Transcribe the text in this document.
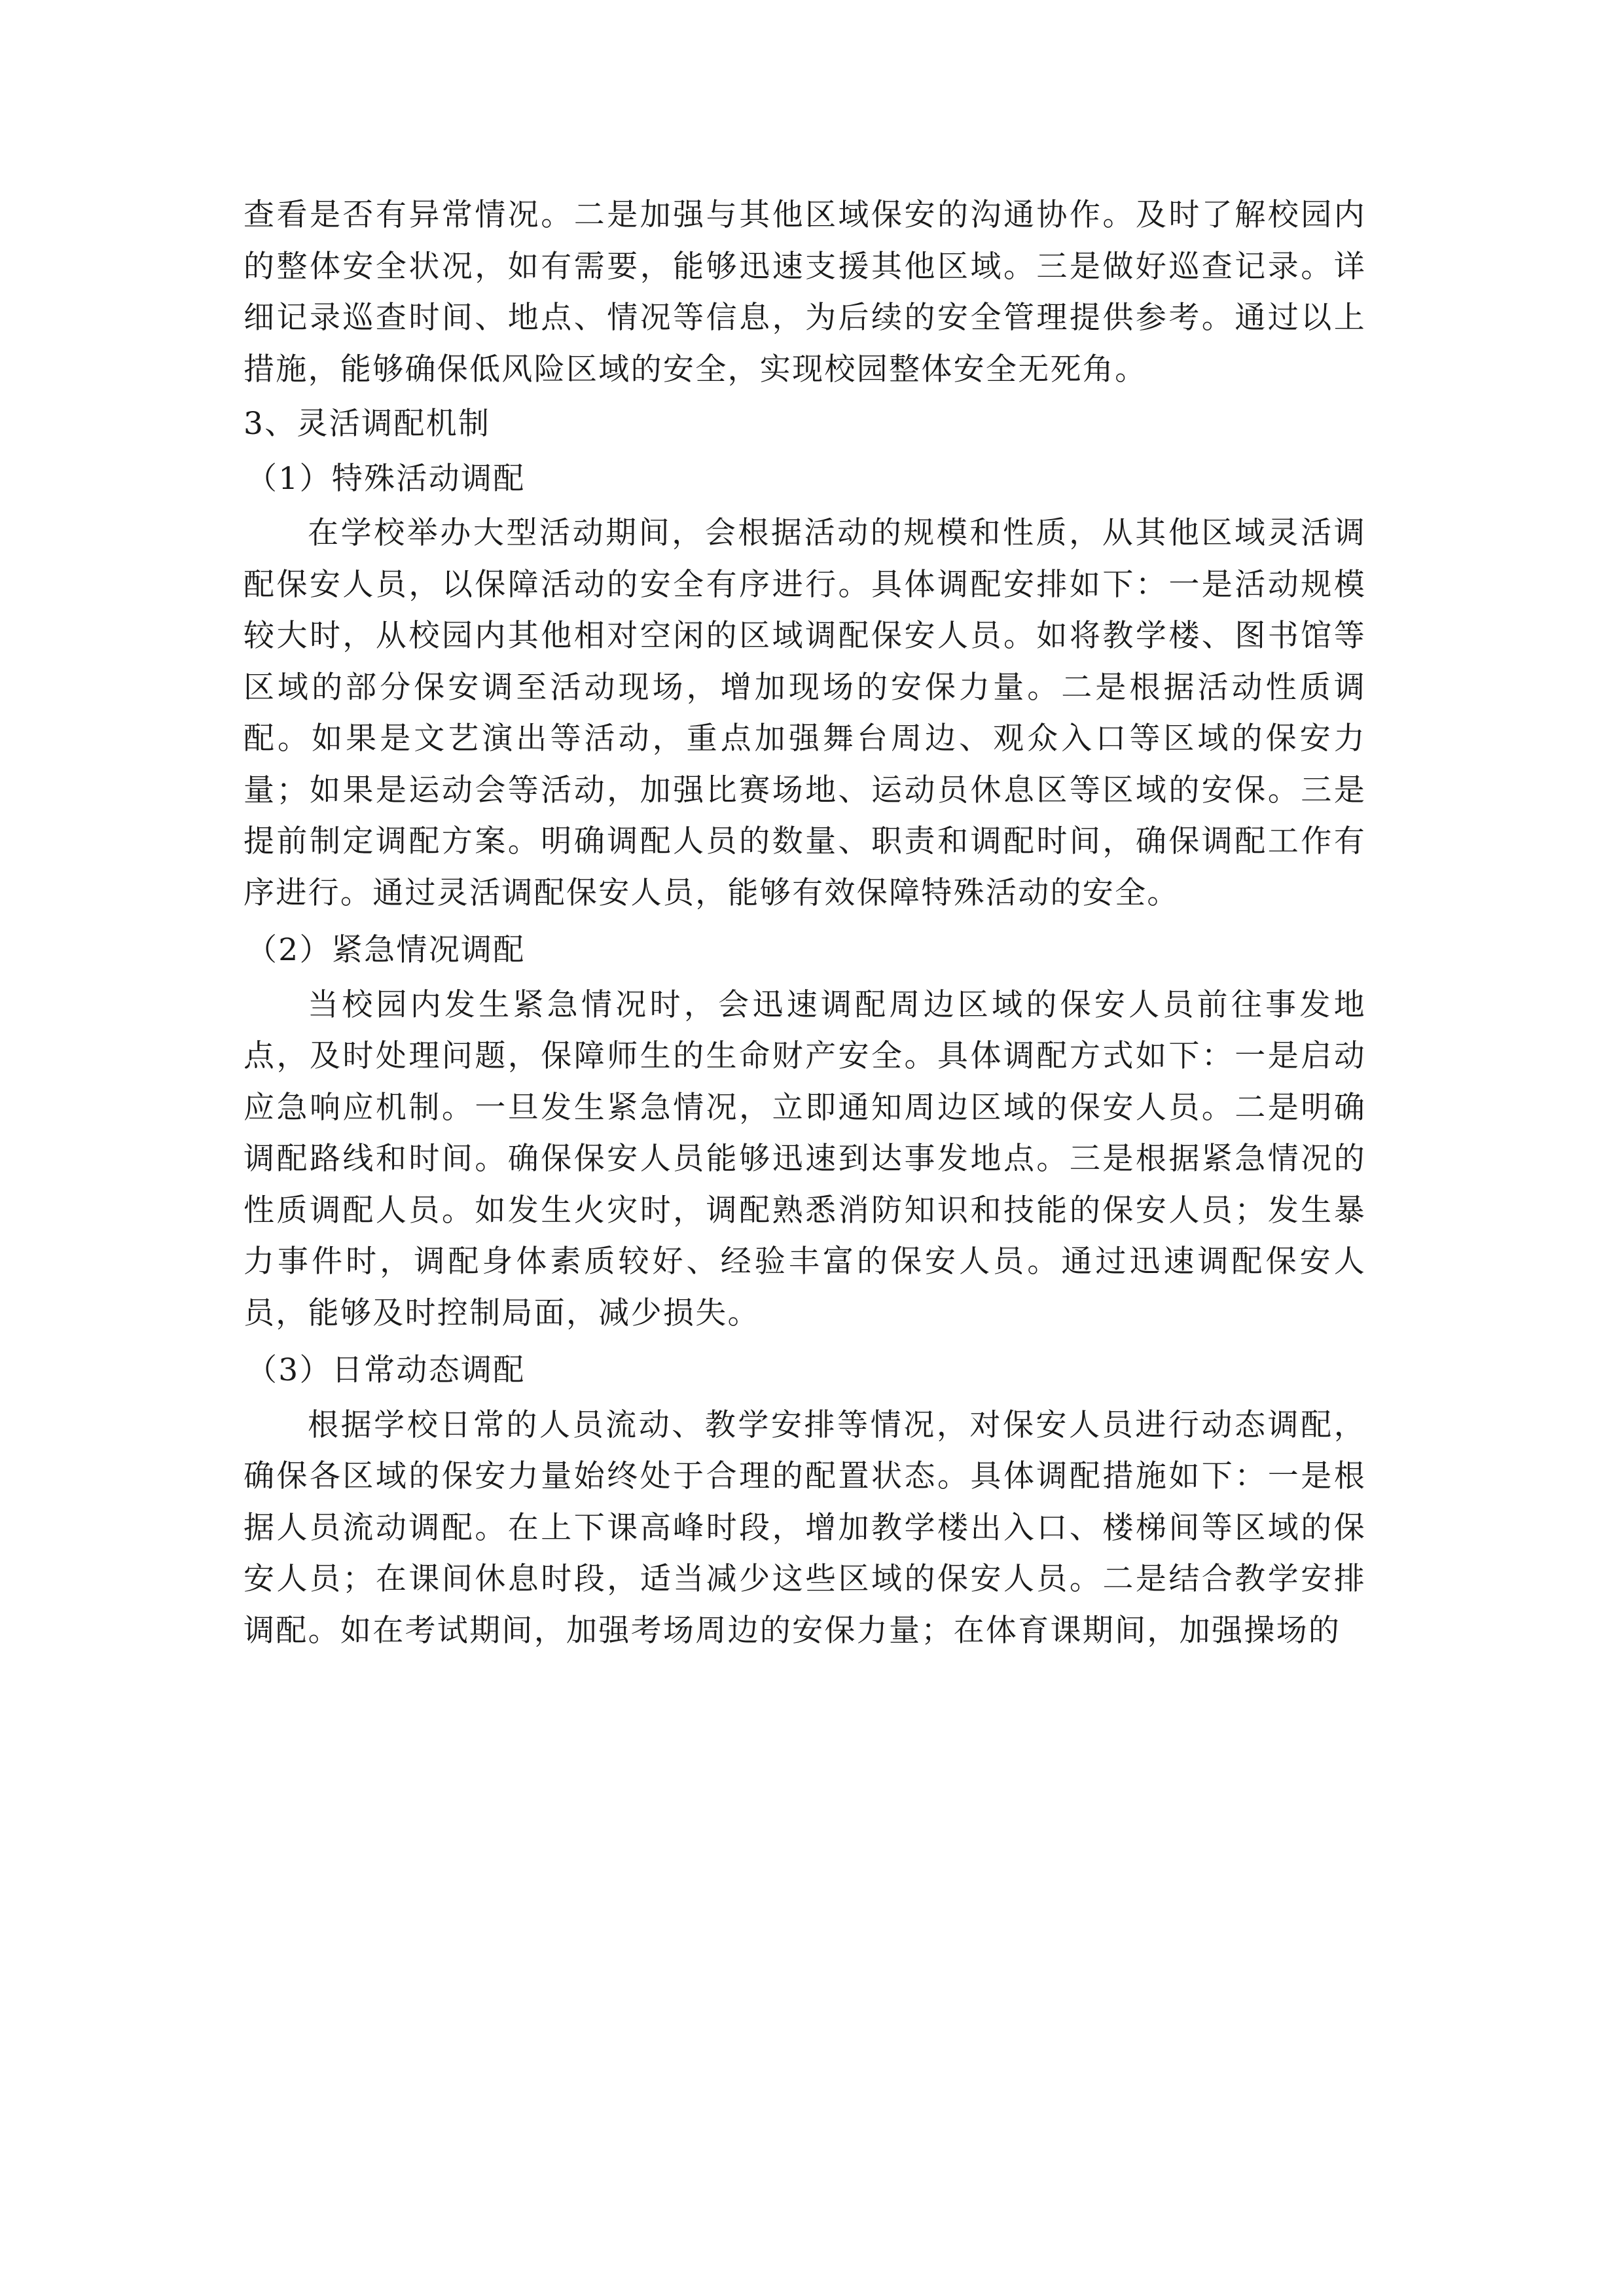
查看是否有异常情况。二是加强与其他区域保安的沟通协作。及时了解校园内的整体安全状况，如有需要，能够迅速支援其他区域。三是做好巡查记录。详细记录巡查时间、地点、情况等信息，为后续的安全管理提供参考。通过以上措施，能够确保低风险区域的安全，实现校园整体安全无死角。

3、灵活调配机制
（1）特殊活动调配

在学校举办大型活动期间，会根据活动的规模和性质，从其他区域灵活调配保安人员，以保障活动的安全有序进行。具体调配安排如下：一是活动规模较大时，从校园内其他相对空闲的区域调配保安人员。如将教学楼、图书馆等区域的部分保安调至活动现场，增加现场的安保力量。二是根据活动性质调配。如果是文艺演出等活动，重点加强舞台周边、观众入口等区域的保安力量；如果是运动会等活动，加强比赛场地、运动员休息区等区域的安保。三是提前制定调配方案。明确调配人员的数量、职责和调配时间，确保调配工作有序进行。通过灵活调配保安人员，能够有效保障特殊活动的安全。

（2）紧急情况调配

当校园内发生紧急情况时，会迅速调配周边区域的保安人员前往事发地点，及时处理问题，保障师生的生命财产安全。具体调配方式如下：一是启动应急响应机制。一旦发生紧急情况，立即通知周边区域的保安人员。二是明确调配路线和时间。确保保安人员能够迅速到达事发地点。三是根据紧急情况的性质调配人员。如发生火灾时，调配熟悉消防知识和技能的保安人员；发生暴力事件时，调配身体素质较好、经验丰富的保安人员。通过迅速调配保安人员，能够及时控制局面，减少损失。

（3）日常动态调配

根据学校日常的人员流动、教学安排等情况，对保安人员进行动态调配，确保各区域的保安力量始终处于合理的配置状态。具体调配措施如下：一是根据人员流动调配。在上下课高峰时段，增加教学楼出入口、楼梯间等区域的保安人员；在课间休息时段，适当减少这些区域的保安人员。二是结合教学安排调配。如在考试期间，加强考场周边的安保力量；在体育课期间，加强操场的
